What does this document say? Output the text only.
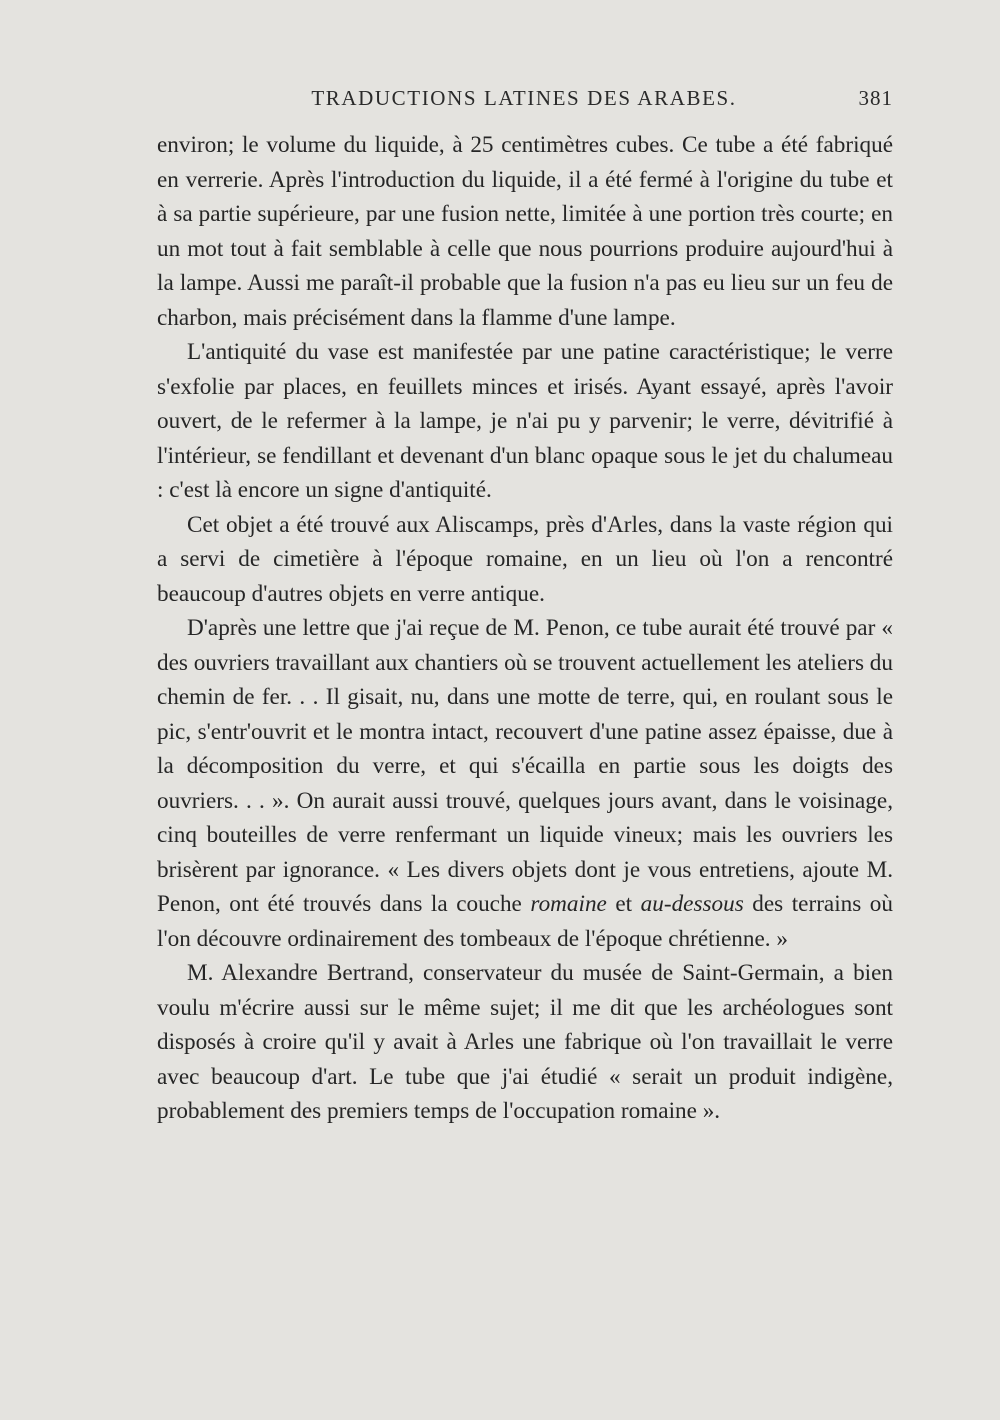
TRADUCTIONS LATINES DES ARABES.	381

environ; le volume du liquide, à 25 centimètres cubes. Ce tube a été fabriqué en verrerie. Après l'introduction du liquide, il a été fermé à l'origine du tube et à sa partie supérieure, par une fusion nette, limitée à une portion très courte; en un mot tout à fait semblable à celle que nous pourrions produire aujourd'hui à la lampe. Aussi me paraît-il probable que la fusion n'a pas eu lieu sur un feu de charbon, mais précisément dans la flamme d'une lampe.

L'antiquité du vase est manifestée par une patine caractéristique; le verre s'exfolie par places, en feuillets minces et irisés. Ayant essayé, après l'avoir ouvert, de le refermer à la lampe, je n'ai pu y parvenir; le verre, dévitrifié à l'intérieur, se fendillant et devenant d'un blanc opaque sous le jet du chalumeau : c'est là encore un signe d'antiquité.

Cet objet a été trouvé aux Aliscamps, près d'Arles, dans la vaste région qui a servi de cimetière à l'époque romaine, en un lieu où l'on a rencontré beaucoup d'autres objets en verre antique.

D'après une lettre que j'ai reçue de M. Penon, ce tube aurait été trouvé par « des ouvriers travaillant aux chantiers où se trouvent actuellement les ateliers du chemin de fer. . . Il gisait, nu, dans une motte de terre, qui, en roulant sous le pic, s'entr'ouvrit et le montra intact, recouvert d'une patine assez épaisse, due à la décomposition du verre, et qui s'écailla en partie sous les doigts des ouvriers. . . ». On aurait aussi trouvé, quelques jours avant, dans le voisinage, cinq bouteilles de verre renfermant un liquide vineux; mais les ouvriers les brisèrent par ignorance. « Les divers objets dont je vous entretiens, ajoute M. Penon, ont été trouvés dans la couche romaine et au-dessous des terrains où l'on découvre ordinairement des tombeaux de l'époque chrétienne. »

M. Alexandre Bertrand, conservateur du musée de Saint-Germain, a bien voulu m'écrire aussi sur le même sujet; il me dit que les archéologues sont disposés à croire qu'il y avait à Arles une fabrique où l'on travaillait le verre avec beaucoup d'art. Le tube que j'ai étudié « serait un produit indigène, probablement des premiers temps de l'occupation romaine ».
